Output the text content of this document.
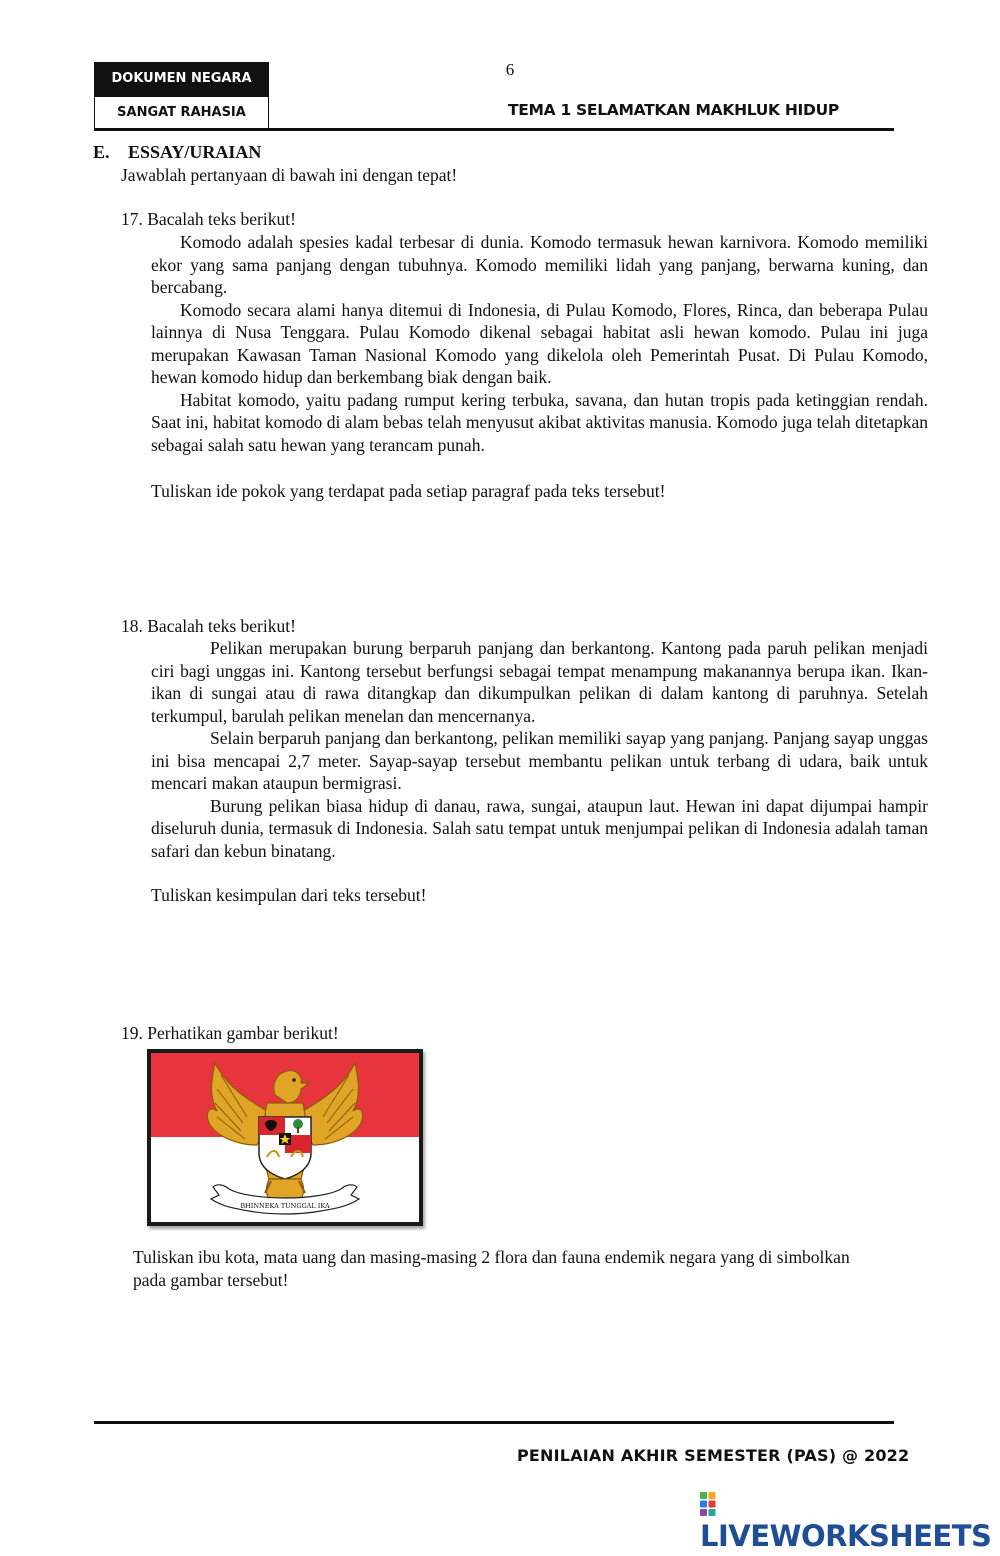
DOKUMEN NEGARA
SANGAT RAHASIA
6
TEMA 1 SELAMATKAN MAKHLUK HIDUP
E. ESSAY/URAIAN
Jawablah pertanyaan di bawah ini dengan tepat!
17. Bacalah teks berikut!
Komodo adalah spesies kadal terbesar di dunia. Komodo termasuk hewan karnivora. Komodo memiliki ekor yang sama panjang dengan tubuhnya. Komodo memiliki lidah yang panjang, berwarna kuning, dan bercabang.
Komodo secara alami hanya ditemui di Indonesia, di Pulau Komodo, Flores, Rinca, dan beberapa Pulau lainnya di Nusa Tenggara. Pulau Komodo dikenal sebagai habitat asli hewan komodo. Pulau ini juga merupakan Kawasan Taman Nasional Komodo yang dikelola oleh Pemerintah Pusat. Di Pulau Komodo, hewan komodo hidup dan berkembang biak dengan baik.
Habitat komodo, yaitu padang rumput kering terbuka, savana, dan hutan tropis pada ketinggian rendah. Saat ini, habitat komodo di alam bebas telah menyusut akibat aktivitas manusia. Komodo juga telah ditetapkan sebagai salah satu hewan yang terancam punah.
Tuliskan ide pokok yang terdapat pada setiap paragraf pada teks tersebut!
18. Bacalah teks berikut!
Pelikan merupakan burung berparuh panjang dan berkantong. Kantong pada paruh pelikan menjadi ciri bagi unggas ini. Kantong tersebut berfungsi sebagai tempat menampung makanannya berupa ikan. Ikan-ikan di sungai atau di rawa ditangkap dan dikumpulkan pelikan di dalam kantong di paruhnya. Setelah terkumpul, barulah pelikan menelan dan mencernanya.
Selain berparuh panjang dan berkantong, pelikan memiliki sayap yang panjang. Panjang sayap unggas ini bisa mencapai 2,7 meter. Sayap-sayap tersebut membantu pelikan untuk terbang di udara, baik untuk mencari makan ataupun bermigrasi.
Burung pelikan biasa hidup di danau, rawa, sungai, ataupun laut. Hewan ini dapat dijumpai hampir diseluruh dunia, termasuk di Indonesia. Salah satu tempat untuk menjumpai pelikan di Indonesia adalah taman safari dan kebun binatang.
Tuliskan kesimpulan dari teks tersebut!
19. Perhatikan gambar berikut!
BHINNEKA TUNGGAL IKA
Tuliskan ibu kota, mata uang dan masing-masing 2 flora dan fauna endemik negara yang di simbolkan pada gambar tersebut!
PENILAIAN AKHIR SEMESTER (PAS) @ 2022
LIVEWORKSHEETS
